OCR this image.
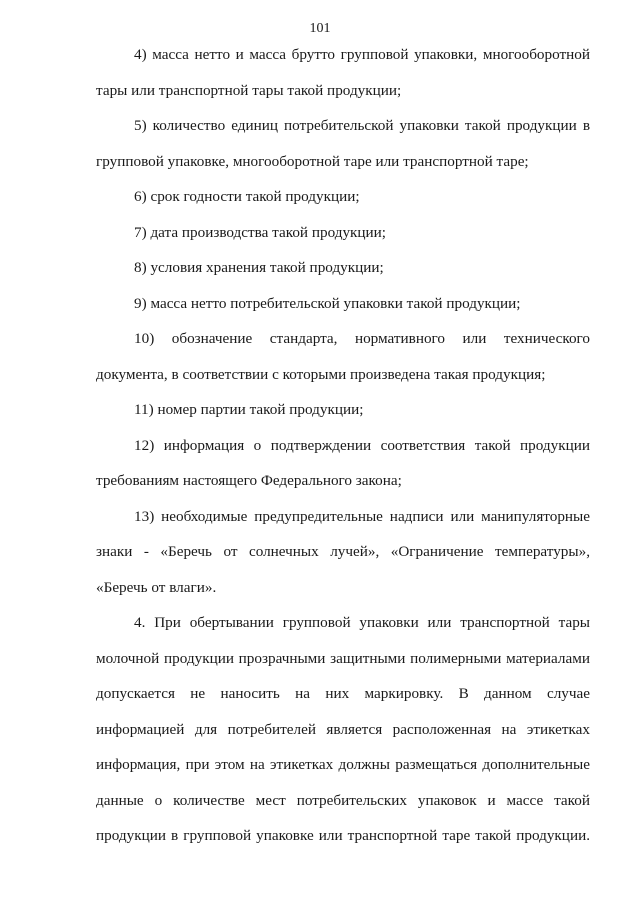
101

4) масса нетто и масса брутто групповой упаковки, многооборотной тары или транспортной тары такой продукции;

5) количество единиц потребительской упаковки такой продукции в групповой упаковке, многооборотной таре или транспортной таре;

6) срок годности такой продукции;

7) дата производства такой продукции;

8) условия хранения такой продукции;

9) масса нетто потребительской упаковки такой продукции;

10) обозначение стандарта, нормативного или технического документа, в соответствии с которыми произведена такая продукция;

11) номер партии такой продукции;

12) информация о подтверждении соответствия такой продукции требованиям настоящего Федерального закона;

13) необходимые предупредительные надписи или манипуляторные знаки - «Беречь от солнечных лучей», «Ограничение температуры», «Беречь от влаги».

4. При обертывании групповой упаковки или транспортной тары молочной продукции прозрачными защитными полимерными материалами допускается не наносить на них маркировку. В данном случае информацией для потребителей является расположенная на этикетках информация, при этом на этикетках должны размещаться дополнительные данные о количестве мест потребительских упаковок и массе такой продукции в групповой упаковке или транспортной таре такой продукции.
